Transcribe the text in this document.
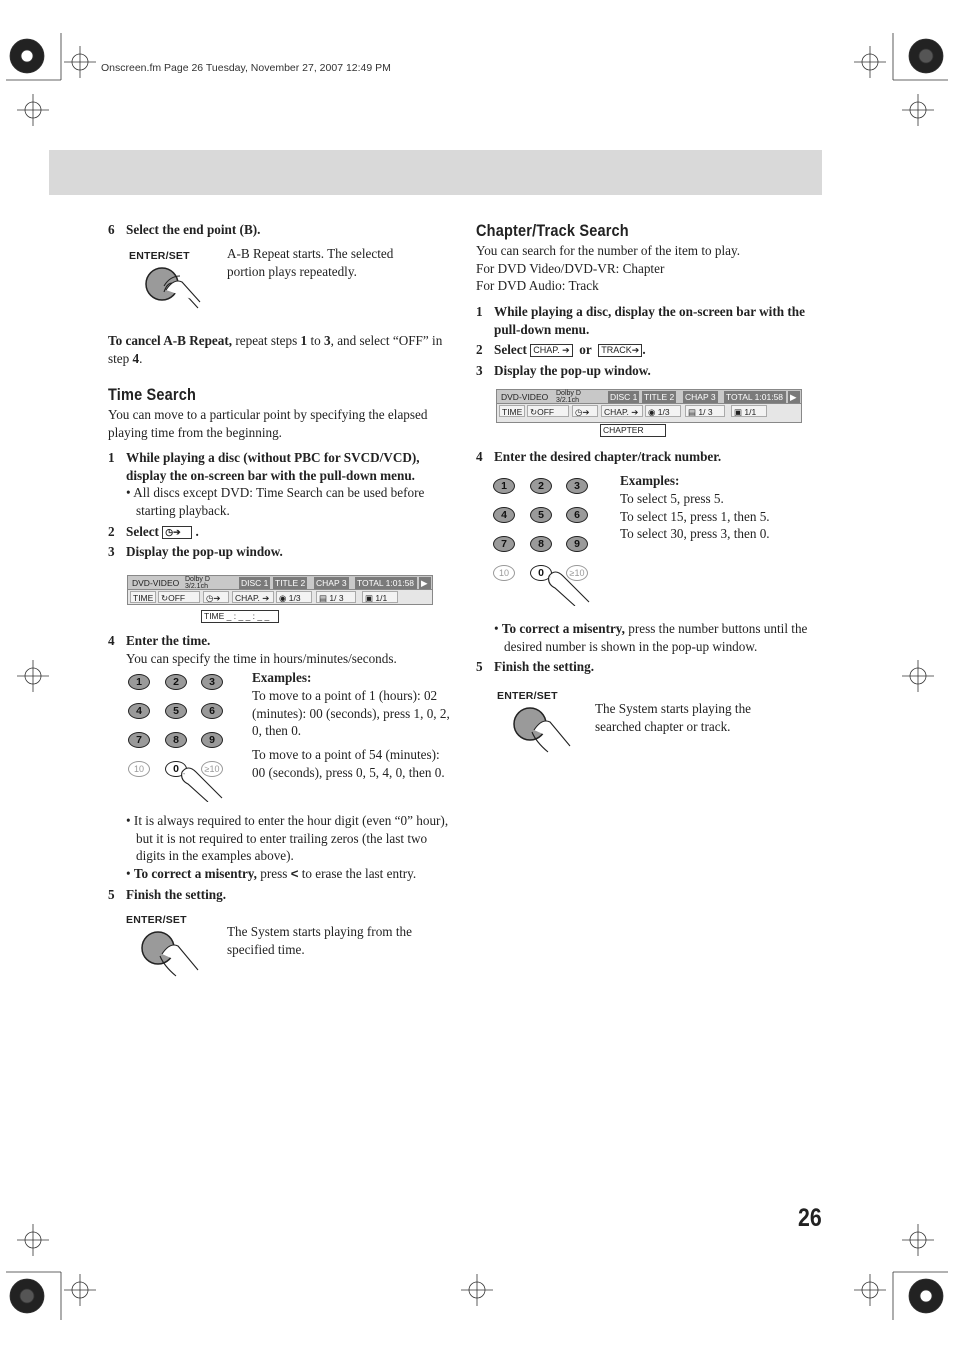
Onscreen.fm Page 26 Tuesday, November 27, 2007 12:49 PM
6 Select the end point (B).
ENTER/SET	A-B Repeat starts. The selected portion plays repeatedly.
To cancel A-B Repeat, repeat steps 1 to 3, and select “OFF” in step 4.
Time Search
You can move to a particular point by specifying the elapsed playing time from the beginning.
1 While playing a disc (without PBC for SVCD/VCD), display the on-screen bar with the pull-down menu.
• All discs except DVD: Time Search can be used before starting playback.
2 Select ◷➔ .
3 Display the pop-up window.
DVD-VIDEO Dolby D
3/2.1ch	DISC 1 TITLE 2 CHAP 3 TOTAL 1:01:58 ▶
TIME ↻OFF	◷➔	CHAP. ➔	◉ 1/3	▤ 1/ 3	▣ 1/1
TIME _ : _ _ : _ _
4 Enter the time.
You can specify the time in hours/minutes/seconds.
1	2	3
4	5	6
7	8	9
10	0	≥10
Examples:
To move to a point of 1 (hours): 02 (minutes): 00 (seconds), press 1, 0, 2, 0, then 0.
To move to a point of 54 (minutes): 00 (seconds), press 0, 5, 4, 0, then 0.
• It is always required to enter the hour digit (even “0” hour), but it is not required to enter trailing zeros (the last two digits in the examples above).
• To correct a misentry, press < to erase the last entry.
5 Finish the setting.
ENTER/SET
The System starts playing from the specified time.
Chapter/Track Search
You can search for the number of the item to play.
For DVD Video/DVD-VR: Chapter
For DVD Audio: Track
1 While playing a disc, display the on-screen bar with the pull-down menu.
2 Select CHAP. ➔ or TRACK➔ .
3 Display the pop-up window.
DVD-VIDEO Dolby D
3/2.1ch	DISC 1 TITLE 2 CHAP 3 TOTAL 1:01:58 ▶
TIME ↻OFF	◷➔	CHAP. ➔	◉ 1/3	▤ 1/ 3	▣ 1/1
CHAPTER
4 Enter the desired chapter/track number.
1	2	3
4	5	6
7	8	9
10	0	≥10
Examples:
To select 5, press 5.
To select 15, press 1, then 5.
To select 30, press 3, then 0.
• To correct a misentry, press the number buttons until the desired number is shown in the pop-up window.
5 Finish the setting.
ENTER/SET
The System starts playing the searched chapter or track.
26
